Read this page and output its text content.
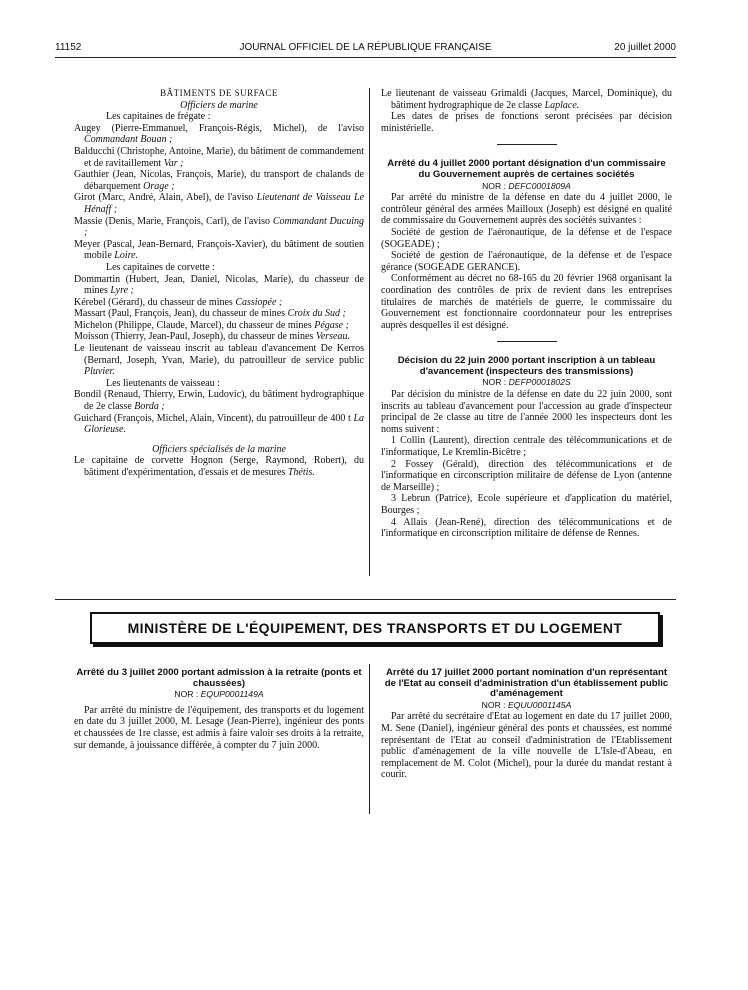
11152	JOURNAL OFFICIEL DE LA RÉPUBLIQUE FRANÇAISE	20 juillet 2000

BÂTIMENTS DE SURFACE

Officiers de marine

Les capitaines de frégate :

Augey (Pierre-Emmanuel, François-Régis, Michel), de l'aviso Commandant Bouan ;

Balducchi (Christophe, Antoine, Marie), du bâtiment de commandement et de ravitaillement Var ;

Gauthier (Jean, Nicolas, François, Marie), du transport de chalands de débarquement Orage ;

Girot (Marc, André, Alain, Abel), de l'aviso Lieutenant de Vaisseau Le Hénaff ;

Massie (Denis, Marie, François, Carl), de l'aviso Commandant Ducuing ;

Meyer (Pascal, Jean-Bernard, François-Xavier), du bâtiment de soutien mobile Loire.

Les capitaines de corvette :

Dommartin (Hubert, Jean, Daniel, Nicolas, Marie), du chasseur de mines Lyre ;

Kérebel (Gérard), du chasseur de mines Cassiopée ;

Massart (Paul, François, Jean), du chasseur de mines Croix du Sud ;

Michelon (Philippe, Claude, Marcel), du chasseur de mines Pégase ;

Moisson (Thierry, Jean-Paul, Joseph), du chasseur de mines Verseau.

Le lieutenant de vaisseau inscrit au tableau d'avancement De Kerros (Bernard, Joseph, Yvan, Marie), du patrouilleur de service public Pluvier.

Les lieutenants de vaisseau :

Bondil (Renaud, Thierry, Erwin, Ludovic), du bâtiment hydrographique de 2e classe Borda ;

Guichard (François, Michel, Alain, Vincent), du patrouilleur de 400 t La Glorieuse.

Officiers spécialisés de la marine

Le capitaine de corvette Hognon (Serge, Raymond, Robert), du bâtiment d'expérimentation, d'essais et de mesures Thétis.

Le lieutenant de vaisseau Grimaldi (Jacques, Marcel, Dominique), du bâtiment hydrographique de 2e classe Laplace.

Les dates de prises de fonctions seront précisées par décision ministérielle.

Arrêté du 4 juillet 2000 portant désignation d'un commissaire du Gouvernement auprès de certaines sociétés

NOR : DEFC0001809A

Par arrêté du ministre de la défense en date du 4 juillet 2000, le contrôleur général des armées Mailloux (Joseph) est désigné en qualité de commissaire du Gouvernement auprès des sociétés suivantes :

Société de gestion de l'aéronautique, de la défense et de l'espace (SOGEADE) ;

Société de gestion de l'aéronautique, de la défense et de l'espace gérance (SOGEADE GERANCE).

Conformément au décret no 68-165 du 20 février 1968 organisant la coordination des contrôles de prix de revient dans les entreprises titulaires de marchés de matériels de guerre, le commissaire du Gouvernement est fonctionnaire coordonnateur pour les entreprises auprès desquelles il est désigné.

Décision du 22 juin 2000 portant inscription à un tableau d'avancement (inspecteurs des transmissions)

NOR : DEFP0001802S

Par décision du ministre de la défense en date du 22 juin 2000, sont inscrits au tableau d'avancement pour l'accession au grade d'inspecteur principal de 2e classe au titre de l'année 2000 les inspecteurs dont les noms suivent :

1 Collin (Laurent), direction centrale des télécommunications et de l'informatique, Le Kremlin-Bicêtre ;

2 Fossey (Gérald), direction des télécommunications et de l'informatique en circonscription militaire de défense de Lyon (antenne de Marseille) ;

3 Lebrun (Patrice), Ecole supérieure et d'application du matériel, Bourges ;

4 Allais (Jean-René), direction des télécommunications et de l'informatique en circonscription militaire de défense de Rennes.

MINISTÈRE DE L'ÉQUIPEMENT, DES TRANSPORTS ET DU LOGEMENT

Arrêté du 3 juillet 2000 portant admission à la retraite (ponts et chaussées)

NOR : EQUP0001149A

Par arrêté du ministre de l'équipement, des transports et du logement en date du 3 juillet 2000, M. Lesage (Jean-Pierre), ingénieur des ponts et chaussées de 1re classe, est admis à faire valoir ses droits à la retraite, sur demande, à jouissance différée, à compter du 7 juin 2000.

Arrêté du 17 juillet 2000 portant nomination d'un représentant de l'Etat au conseil d'administration d'un établissement public d'aménagement

NOR : EQUU0001145A

Par arrêté du secrétaire d'Etat au logement en date du 17 juillet 2000, M. Sene (Daniel), ingénieur général des ponts et chaussées, est nommé représentant de l'Etat au conseil d'administration de l'Etablissement public d'aménagement de la ville nouvelle de L'Isle-d'Abeau, en remplacement de M. Colot (Michel), pour la durée du mandat restant à courir.
